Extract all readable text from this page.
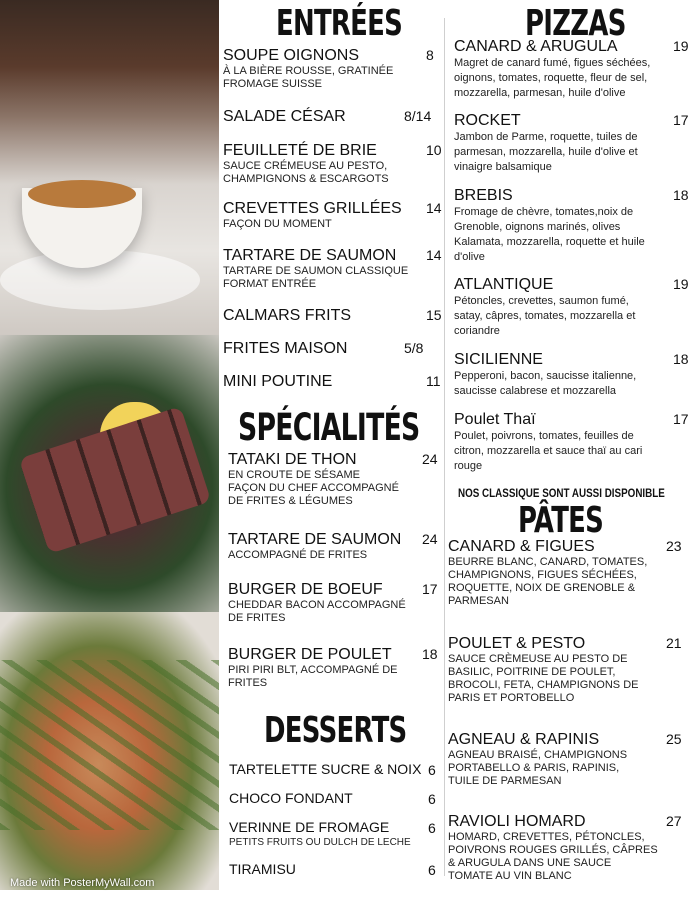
Made with PosterMyWall.com
ENTRÉES
SOUPE OIGNONS
À LA BIÈRE ROUSSE, GRATINÉE
FROMAGE SUISSE
8
SALADE CÉSAR	8/14
FEUILLETÉ DE BRIE
SAUCE CRÉMEUSE AU PESTO,
CHAMPIGNONS & ESCARGOTS
10
CREVETTES GRILLÉES
FAÇON DU MOMENT
14
TARTARE DE SAUMON
TARTARE DE SAUMON CLASSIQUE
FORMAT ENTRÉE
14
CALMARS FRITS	15
FRITES MAISON	5/8
MINI POUTINE	11
SPÉCIALITÉS
TATAKI DE THON
EN CROUTE DE SÉSAME
FAÇON DU CHEF ACCOMPAGNÉ
DE FRITES & LÉGUMES
24
TARTARE DE SAUMON
ACCOMPAGNÉ DE FRITES
24
BURGER DE BOEUF
CHEDDAR BACON ACCOMPAGNÉ
DE FRITES
17
BURGER DE POULET
PIRI PIRI BLT, ACCOMPAGNÉ DE
FRITES
18
DESSERTS
TARTELETTE SUCRE & NOIX 6
CHOCO FONDANT	6
VERINNE DE FROMAGE
PETITS FRUITS OU DULCH DE LECHE
6
TIRAMISU	6
PIZZAS
CANARD & ARUGULA
Magret de canard fumé, figues séchées,
oignons, tomates, roquette, fleur de sel,
mozzarella, parmesan, huile d'olive
19
ROCKET
Jambon de Parme, roquette, tuiles de
parmesan, mozzarella, huile d'olive et
vinaigre balsamique
17
BREBIS
Fromage de chèvre, tomates,noix de
Grenoble, oignons marinés, olives
Kalamata, mozzarella, roquette et huile
d'olive
18
ATLANTIQUE
Pétoncles, crevettes, saumon fumé,
satay, câpres, tomates, mozzarella et
coriandre
19
SICILIENNE
Pepperoni, bacon, saucisse italienne,
saucisse calabrese et mozzarella
18
Poulet Thaï
Poulet, poivrons, tomates, feuilles de
citron, mozzarella et sauce thaï au cari
rouge
17
NOS CLASSIQUE SONT AUSSI DISPONIBLE
PÂTES
CANARD & FIGUES
BEURRE BLANC, CANARD, TOMATES,
CHAMPIGNONS, FIGUES SÉCHÉES,
ROQUETTE, NOIX DE GRENOBLE &
PARMESAN
23
POULET & PESTO
SAUCE CRÈMEUSE AU PESTO DE
BASILIC, POITRINE DE POULET,
BROCOLI, FETA, CHAMPIGNONS DE
PARIS ET PORTOBELLO
21
AGNEAU & RAPINIS
AGNEAU BRAISÉ, CHAMPIGNONS
PORTABELLO & PARIS, RAPINIS,
TUILE DE PARMESAN
25
RAVIOLI HOMARD
HOMARD, CREVETTES, PÉTONCLES,
POIVRONS ROUGES GRILLÉS, CÂPRES
& ARUGULA DANS UNE SAUCE
TOMATE AU VIN BLANC
27
